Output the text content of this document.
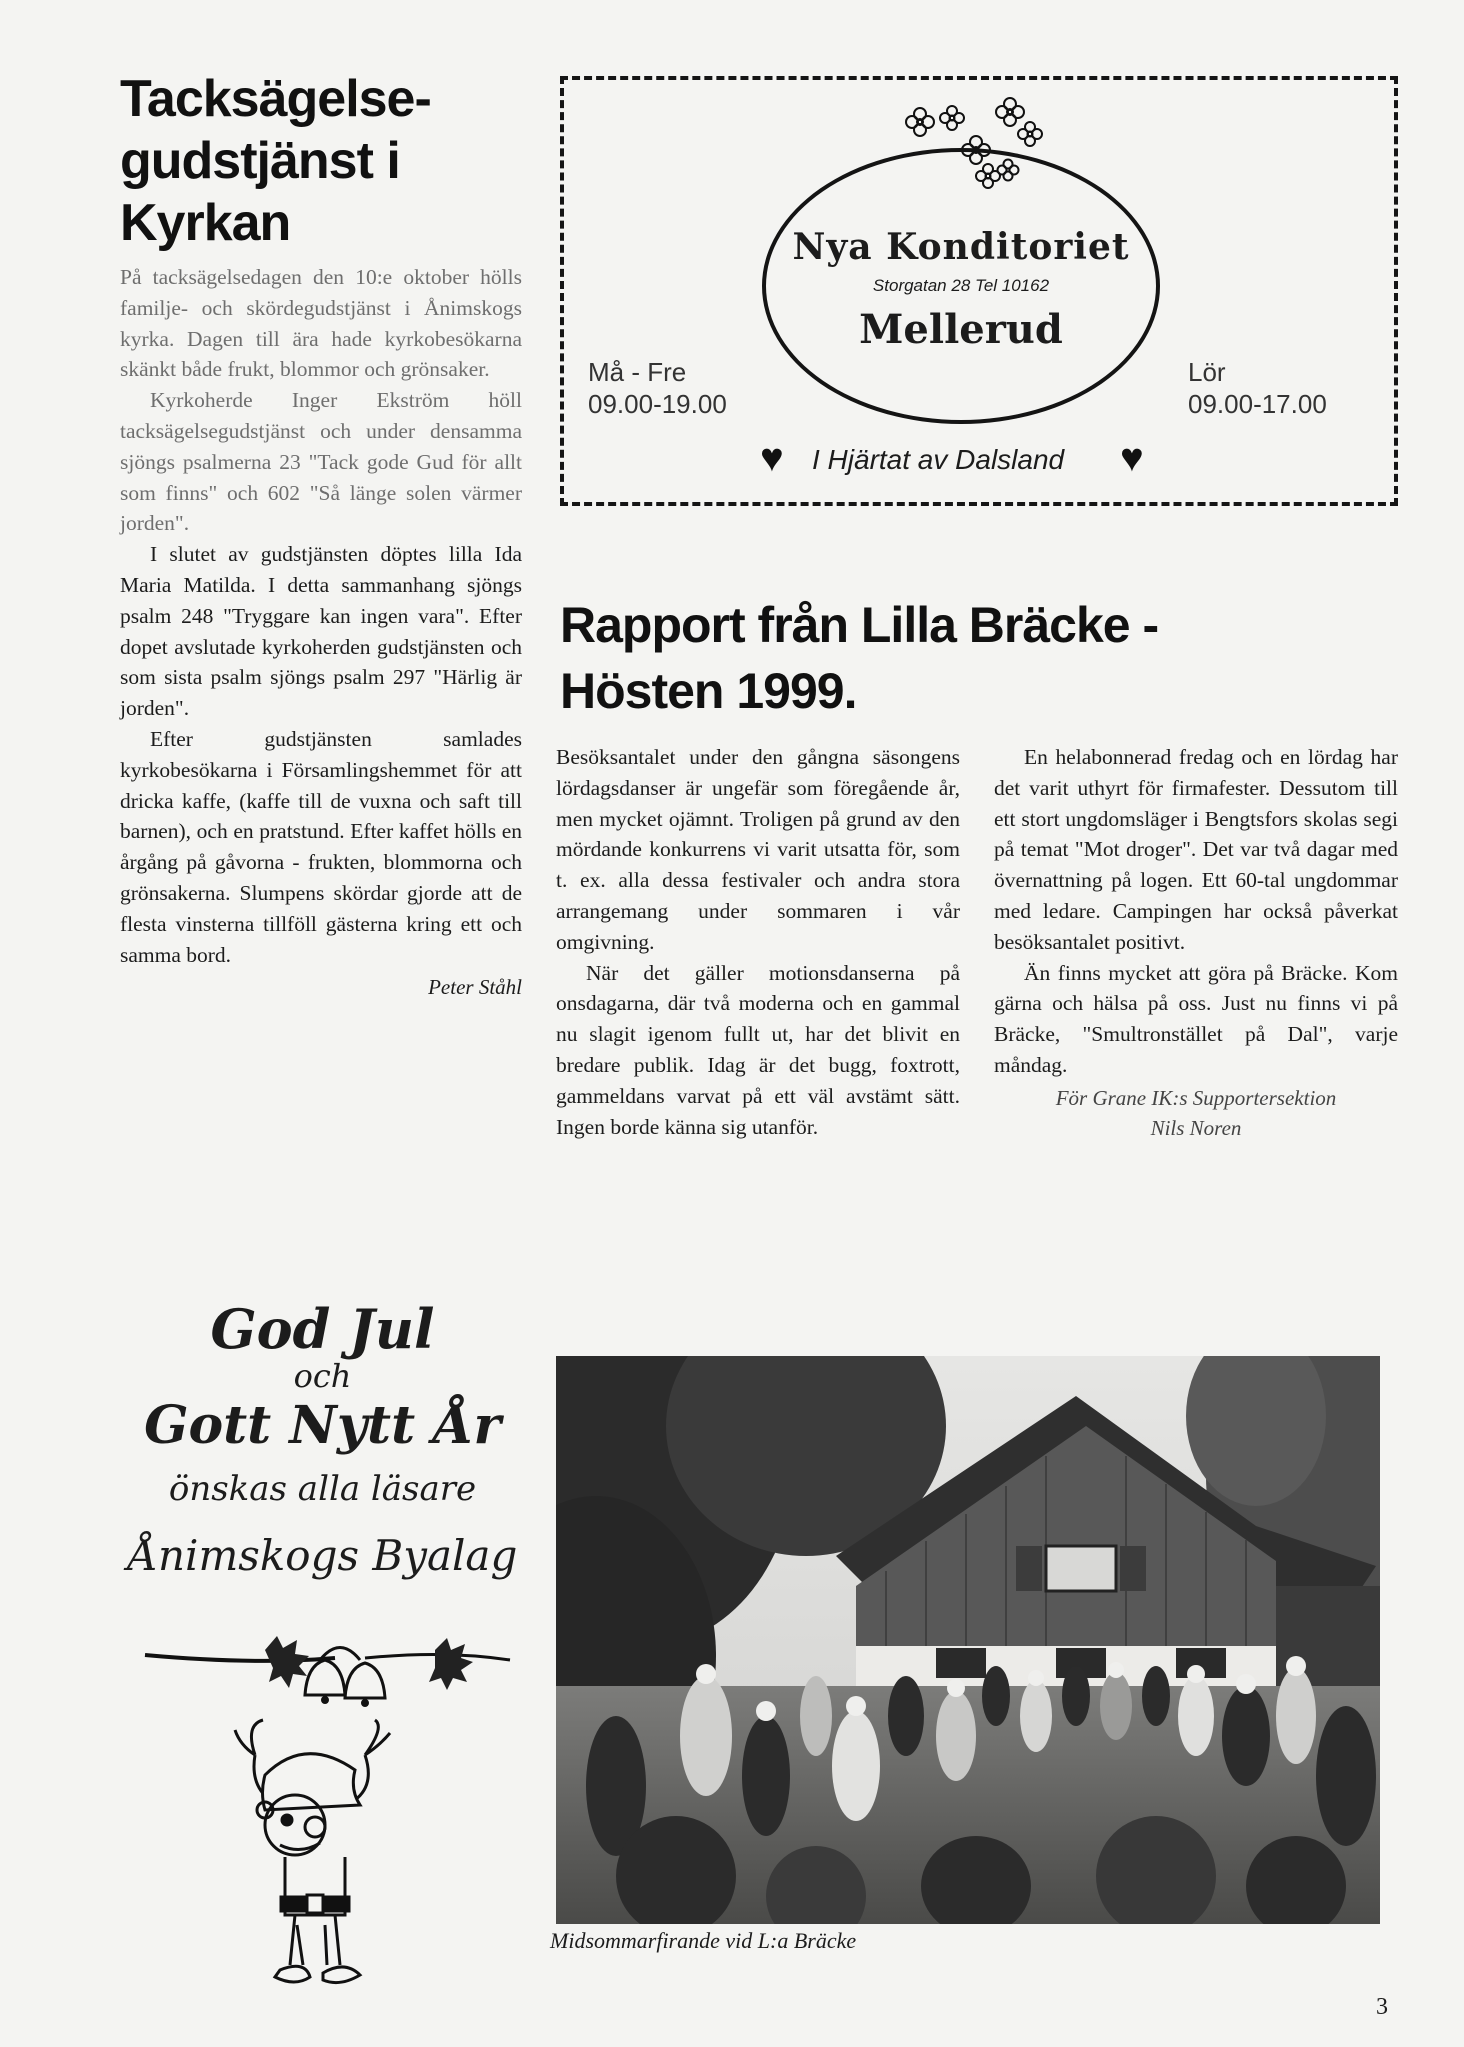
Tacksägelse-
gudstjänst i
Kyrkan

På tacksägelsedagen den 10:e oktober hölls familje- och skördegudstjänst i Ånimskogs kyrka. Dagen till ära hade kyrkobesökarna skänkt både frukt, blommor och grönsaker.

Kyrkoherde Inger Ekström höll tacksägelsegudstjänst och under densamma sjöngs psalmerna 23 "Tack gode Gud för allt som finns" och 602 "Så länge solen värmer jorden".

I slutet av gudstjänsten döptes lilla Ida Maria Matilda. I detta sammanhang sjöngs psalm 248 "Tryggare kan ingen vara". Efter dopet avslutade kyrkoherden gudstjänsten och som sista psalm sjöngs psalm 297 "Härlig är jorden".

Efter gudstjänsten samlades kyrkobesökarna i Församlingshemmet för att dricka kaffe, (kaffe till de vuxna och saft till barnen), och en pratstund. Efter kaffet hölls en årgång på gåvorna - frukten, blommorna och grönsakerna. Slumpens skördar gjorde att de flesta vinsterna tillföll gästerna kring ett och samma bord.

Peter Ståhl
Nya Konditoriet
Storgatan 28 Tel 10162
Mellerud
Må - Fre
09.00-19.00
Lör
09.00-17.00
♥ I Hjärtat av Dalsland ♥
Rapport från Lilla Bräcke -
Hösten 1999.

Besöksantalet under den gångna säsongens lördagsdanser är ungefär som föregående år, men mycket ojämnt. Troligen på grund av den mördande konkurrens vi varit utsatta för, som t. ex. alla dessa festivaler och andra stora arrangemang under sommaren i vår omgivning.

När det gäller motionsdanserna på onsdagarna, där två moderna och en gammal nu slagit igenom fullt ut, har det blivit en bredare publik. Idag är det bugg, foxtrott, gammeldans varvat på ett väl avstämt sätt. Ingen borde känna sig utanför.

En helabonnerad fredag och en lördag har det varit uthyrt för firmafester. Dessutom till ett stort ungdomsläger i Bengtsfors skolas segi på temat "Mot droger". Det var två dagar med övernattning på logen. Ett 60-tal ungdommar med ledare. Campingen har också påverkat besöksantalet positivt.

Än finns mycket att göra på Bräcke. Kom gärna och hälsa på oss. Just nu finns vi på Bräcke, "Smultronstället på Dal", varje måndag.

För Grane IK:s Supportersektion
Nils Noren
God Jul
och
Gott Nytt År
önskas alla läsare
Ånimskogs Byalag
Midsommarfirande vid L:a Bräcke
3
